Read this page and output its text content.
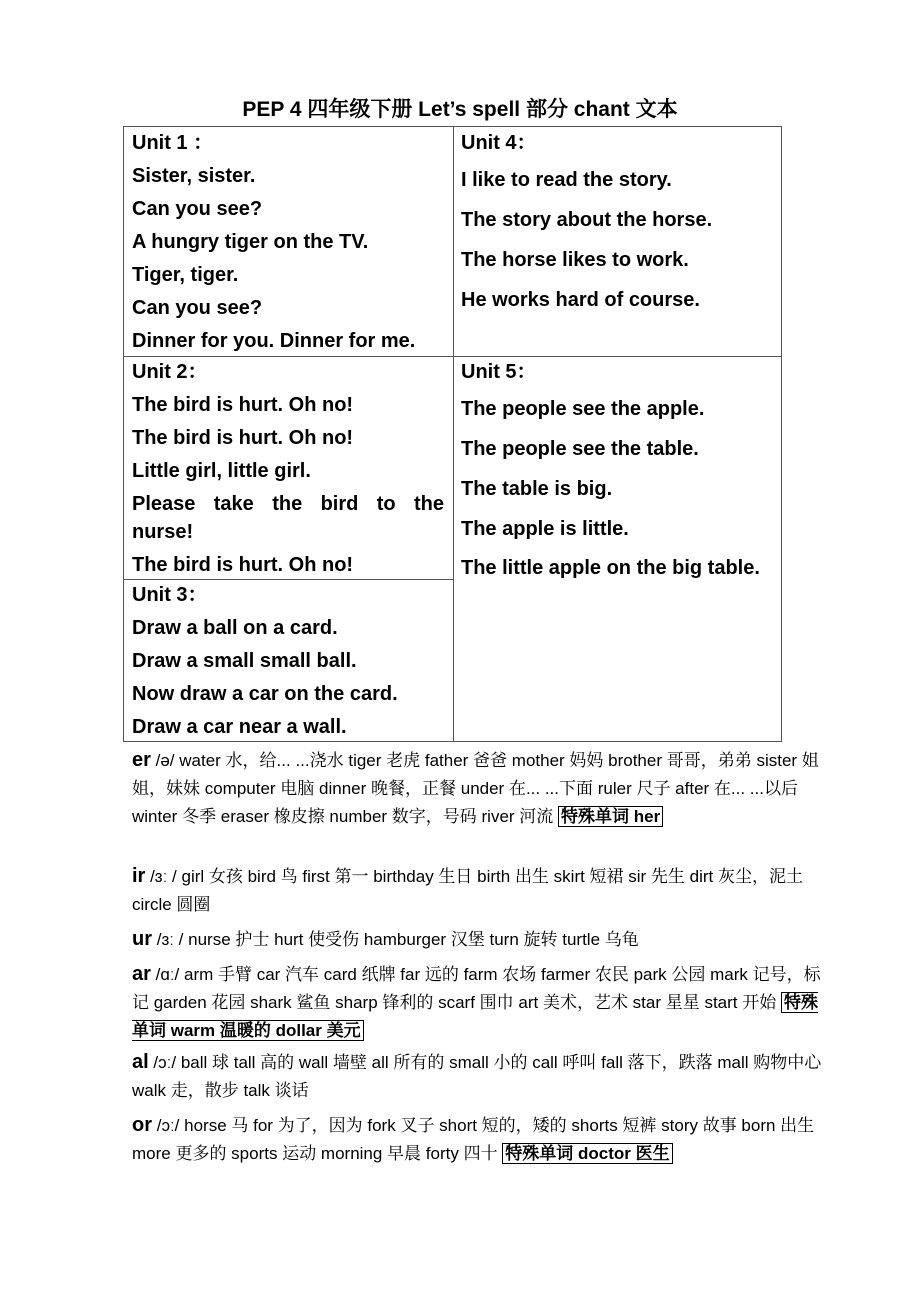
PEP 4 四年级下册 Let’s spell 部分 chant 文本
Unit 1 ：
Sister, sister.
Can you see?
A hungry tiger on the TV.
Tiger, tiger.
Can you see?
Dinner for you. Dinner for me.
Unit 2：
The bird is hurt. Oh no!
The bird is hurt. Oh no!
Little girl, little girl.
Please take the bird to the nurse!
The bird is hurt. Oh no!
Unit 3：
Draw a ball on a card.
Draw a small small ball.
Now draw a car on the card.
Draw a car near a wall.
Unit 4：
I like to read the story.
The story about the horse.
The horse likes to work.
He works hard of course.
Unit 5：
The people see the apple.
The people see the table.
The table is big.
The apple is little.
The little apple on the big table.
er /ə/ water 水，给... ...浇水 tiger 老虎 father 爸爸 mother 妈妈 brother 哥哥，弟弟 sister 姐姐，妹妹 computer 电脑 dinner 晚餐，正餐 under 在... ...下面 ruler 尺子 after 在... ...以后 winter 冬季 eraser 橡皮擦 number 数字，号码 river 河流 特殊单词 her
ir /ɜː / girl 女孩 bird 鸟 first 第一 birthday 生日 birth 出生 skirt 短裙 sir 先生 dirt 灰尘，泥土 circle 圆圈
ur /ɜː / nurse 护士 hurt 使受伤 hamburger 汉堡 turn 旋转 turtle 乌龟
ar /ɑː/ arm 手臂 car 汽车 card 纸牌 far 远的 farm 农场 farmer 农民 park 公园 mark 记号，标记 garden 花园 shark 鲨鱼 sharp 锋利的 scarf 围巾 art 美术，艺术 star 星星 start 开始 特殊单词 warm 温暖的 dollar 美元
al /ɔː/ ball 球 tall 高的 wall 墙壁 all 所有的 small 小的 call 呼叫 fall 落下，跌落 mall 购物中心 walk 走，散步 talk 谈话
or /ɔː/ horse 马 for 为了，因为 fork 叉子 short 短的，矮的 shorts 短裤 story 故事 born 出生 more 更多的 sports 运动 morning 早晨 forty 四十 特殊单词 doctor 医生
